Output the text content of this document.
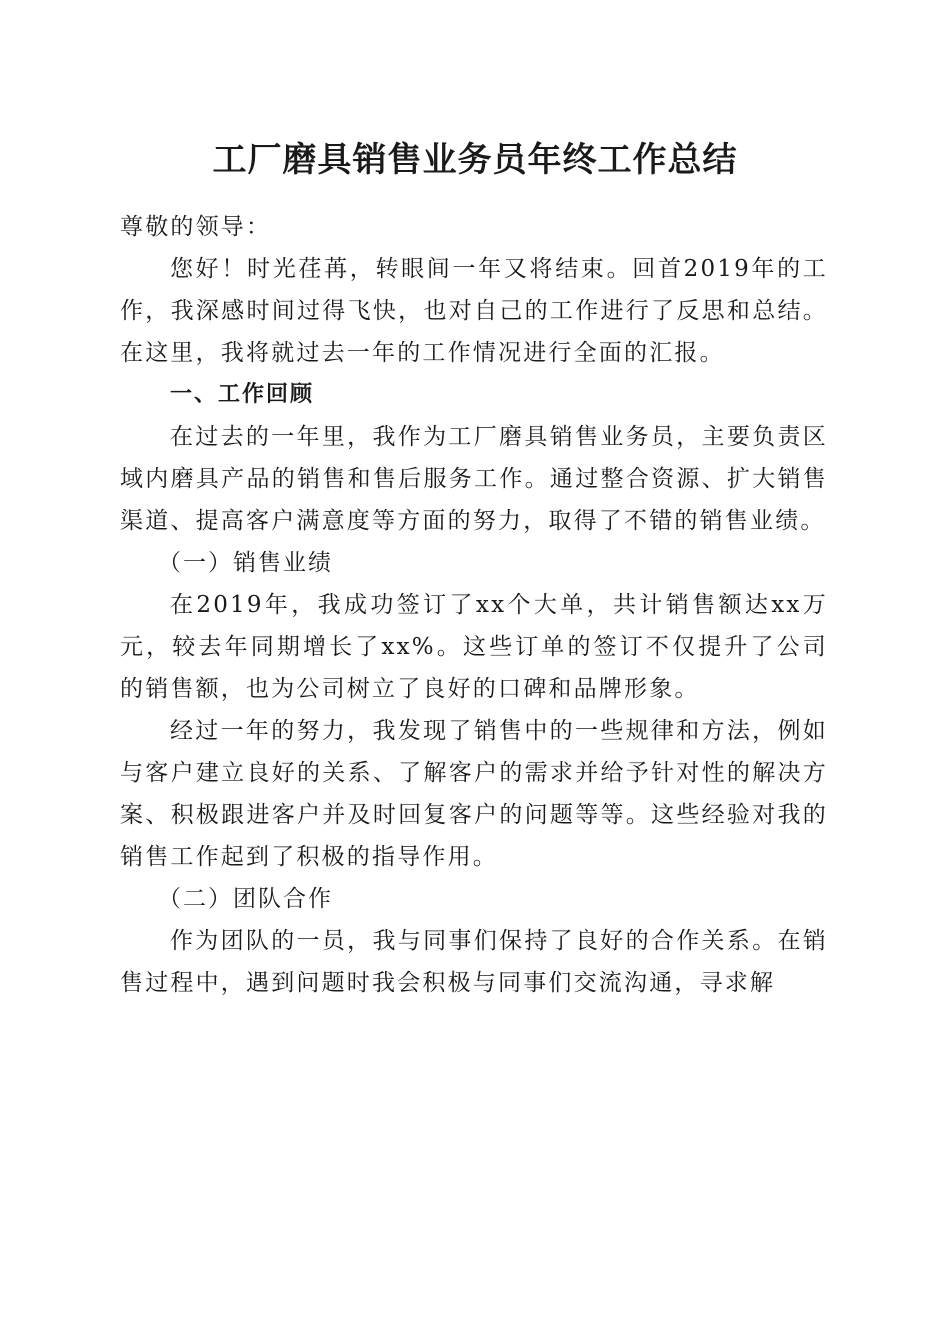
工厂磨具销售业务员年终工作总结

尊敬的领导：

您好！时光荏苒，转眼间一年又将结束。回首2019年的工作，我深感时间过得飞快，也对自己的工作进行了反思和总结。在这里，我将就过去一年的工作情况进行全面的汇报。

一、工作回顾

在过去的一年里，我作为工厂磨具销售业务员，主要负责区域内磨具产品的销售和售后服务工作。通过整合资源、扩大销售渠道、提高客户满意度等方面的努力，取得了不错的销售业绩。

（一）销售业绩

在2019年，我成功签订了xx个大单，共计销售额达xx万元，较去年同期增长了xx%。这些订单的签订不仅提升了公司的销售额，也为公司树立了良好的口碑和品牌形象。

经过一年的努力，我发现了销售中的一些规律和方法，例如与客户建立良好的关系、了解客户的需求并给予针对性的解决方案、积极跟进客户并及时回复客户的问题等等。这些经验对我的销售工作起到了积极的指导作用。

（二）团队合作

作为团队的一员，我与同事们保持了良好的合作关系。在销售过程中，遇到问题时我会积极与同事们交流沟通，寻求解
